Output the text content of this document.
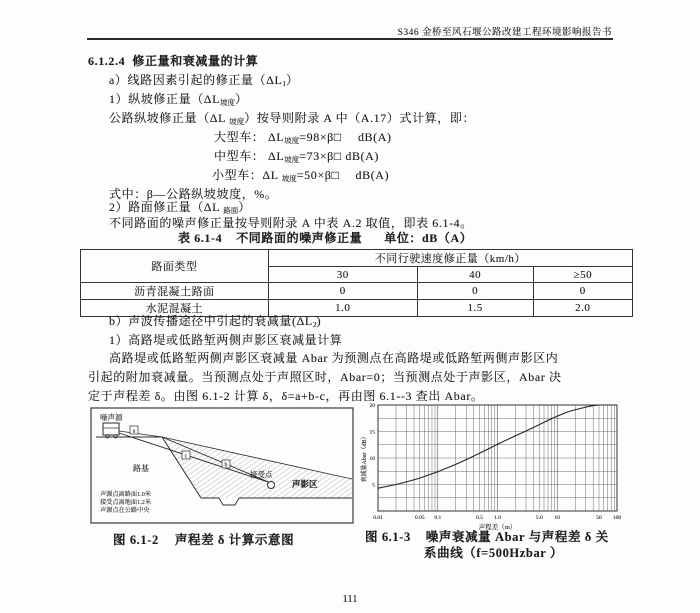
S346 金桥至风石堰公路改建工程环境影响报告书
6.1.2.4  修正量和衰减量的计算
a）线路因素引起的修正量$(\Delta L_1)$
1）纵坡修正量$(\Delta L_{坡度})$
公路纵坡修正量（ΔL $_{坡度}$）按导则附录 A 中（A.17）式计算，即：
大型车： $\Delta L_{坡度}=98\times\beta□$　 dB(A)
中型车： $\Delta L_{坡度}=73\times\beta□$ dB(A)
小型车：ΔL $_{坡度}$=50×β□　 dB(A)
式中：β—公路纵坡坡度，%。
2）路面修正量（ΔL $_{路面}$）
不同路面的噪声修正量按导则附录 A 中表 A.2 取值，即表 6.1-4。
表 6.1-4 不同路面的噪声修正量 单位：dB（A）
路面类型	不同行驶速度修正量（km/h）		
	30	40	≥50
沥青混凝土路面	0	0	0
水泥混凝土	1.0	1.5	2.0
b）声波传播途径中引起的衰减量$(\Delta L_2)$
1）高路堤或低路堑两侧声影区衰减量计算
高路堤或低路堑两侧声影区衰减量 Abar 为预测点在高路堤或低路堑两侧声影区内
引起的附加衰减量。当预测点处于声照区时，Abar=0；当预测点处于声影区，Abar 决
定于声程差 δ。由图 6.1-2 计算 δ，δ=a+b-c，再由图 6.1--3 查出 Abar。
a
c
b
噪声源
路基
接受点
声影区
声源点离路面1.0米
接受点离地面1.2米
声源点在公路中央
0.01	0.05 0.1	0.5 1.0	5.0 10	50 100
5
10
15
20
声程差（m）
衰减量Abar（dB）
图 6.1-2 声程差 δ 计算示意图	图 6.1-3    噪声衰减量 Abar 与声程差 δ 关
系曲线（f=500Hzbar ）
111
